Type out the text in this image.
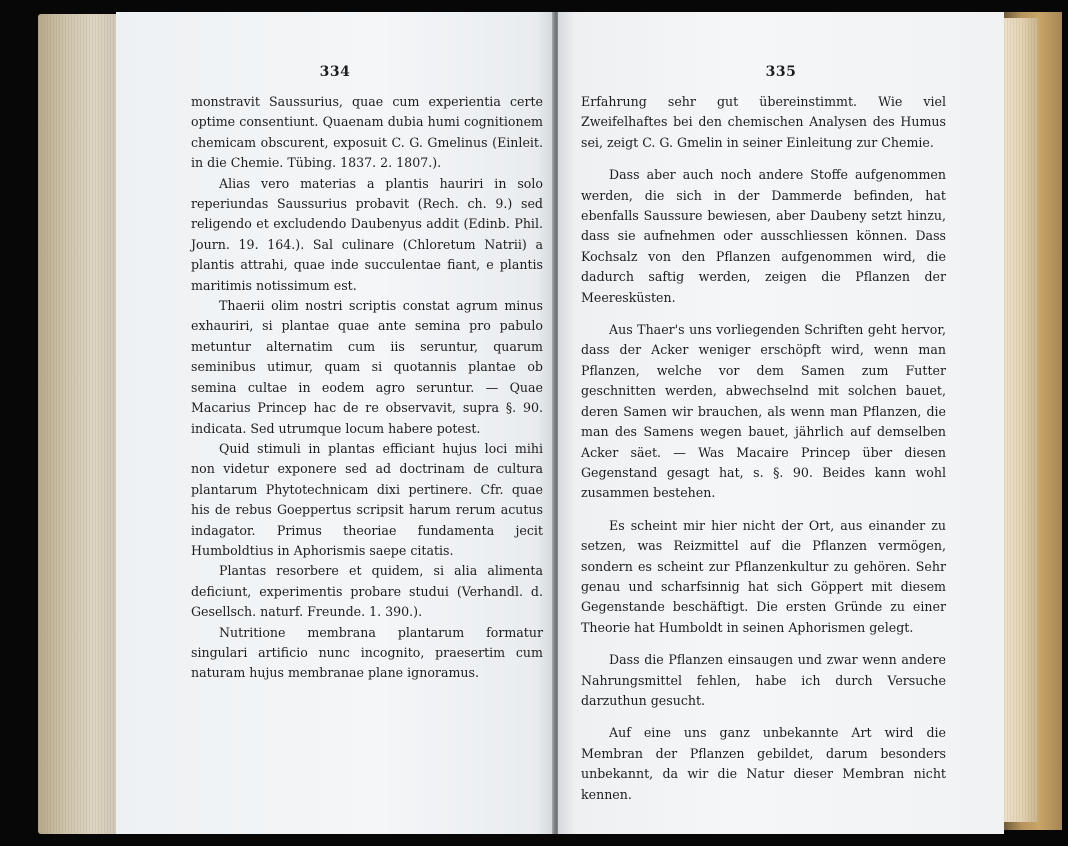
334

monstravit Saussurius, quae cum experientia certe optime consentiunt. Quaenam dubia humi cognitionem chemicam obscurent, exposuit C. G. Gmelinus (Einleit. in die Chemie. Tübing. 1837. 2. 1807.).

Alias vero materias a plantis hauriri in solo reperiundas Saussurius probavit (Rech. ch. 9.) sed religendo et excludendo Daubenyus addit (Edinb. Phil. Journ. 19. 164.). Sal culinare (Chloretum Natrii) a plantis attrahi, quae inde succulentae fiant, e plantis maritimis notissimum est.

Thaerii olim nostri scriptis constat agrum minus exhauriri, si plantae quae ante semina pro pabulo metuntur alternatim cum iis seruntur, quarum seminibus utimur, quam si quotannis plantae ob semina cultae in eodem agro seruntur. — Quae Macarius Princep hac de re observavit, supra §. 90. indicata. Sed utrumque locum habere potest.

Quid stimuli in plantas efficiant hujus loci mihi non videtur exponere sed ad doctrinam de cultura plantarum Phytotechnicam dixi pertinere. Cfr. quae his de rebus Goeppertus scripsit harum rerum acutus indagator. Primus theoriae fundamenta jecit Humboldtius in Aphorismis saepe citatis.

Plantas resorbere et quidem, si alia alimenta deficiunt, experimentis probare studui (Verhandl. d. Gesellsch. naturf. Freunde. 1. 390.).

Nutritione membrana plantarum formatur singulari artificio nunc incognito, praesertim cum naturam hujus membranae plane ignoramus.

335

Erfahrung sehr gut übereinstimmt. Wie viel Zweifelhaftes bei den chemischen Analysen des Humus sei, zeigt C. G. Gmelin in seiner Einleitung zur Chemie.

Dass aber auch noch andere Stoffe aufgenommen werden, die sich in der Dammerde befinden, hat ebenfalls Saussure bewiesen, aber Daubeny setzt hinzu, dass sie aufnehmen oder ausschliessen können. Dass Kochsalz von den Pflanzen aufgenommen wird, die dadurch saftig werden, zeigen die Pflanzen der Meeresküsten.

Aus Thaer's uns vorliegenden Schriften geht hervor, dass der Acker weniger erschöpft wird, wenn man Pflanzen, welche vor dem Samen zum Futter geschnitten werden, abwechselnd mit solchen bauet, deren Samen wir brauchen, als wenn man Pflanzen, die man des Samens wegen bauet, jährlich auf demselben Acker säet. — Was Macaire Princep über diesen Gegenstand gesagt hat, s. §. 90. Beides kann wohl zusammen bestehen.

Es scheint mir hier nicht der Ort, aus einander zu setzen, was Reizmittel auf die Pflanzen vermögen, sondern es scheint zur Pflanzenkultur zu gehören. Sehr genau und scharfsinnig hat sich Göppert mit diesem Gegenstande beschäftigt. Die ersten Gründe zu einer Theorie hat Humboldt in seinen Aphorismen gelegt.

Dass die Pflanzen einsaugen und zwar wenn andere Nahrungsmittel fehlen, habe ich durch Versuche darzuthun gesucht.

Auf eine uns ganz unbekannte Art wird die Membran der Pflanzen gebildet, darum besonders unbekannt, da wir die Natur dieser Membran nicht kennen.
